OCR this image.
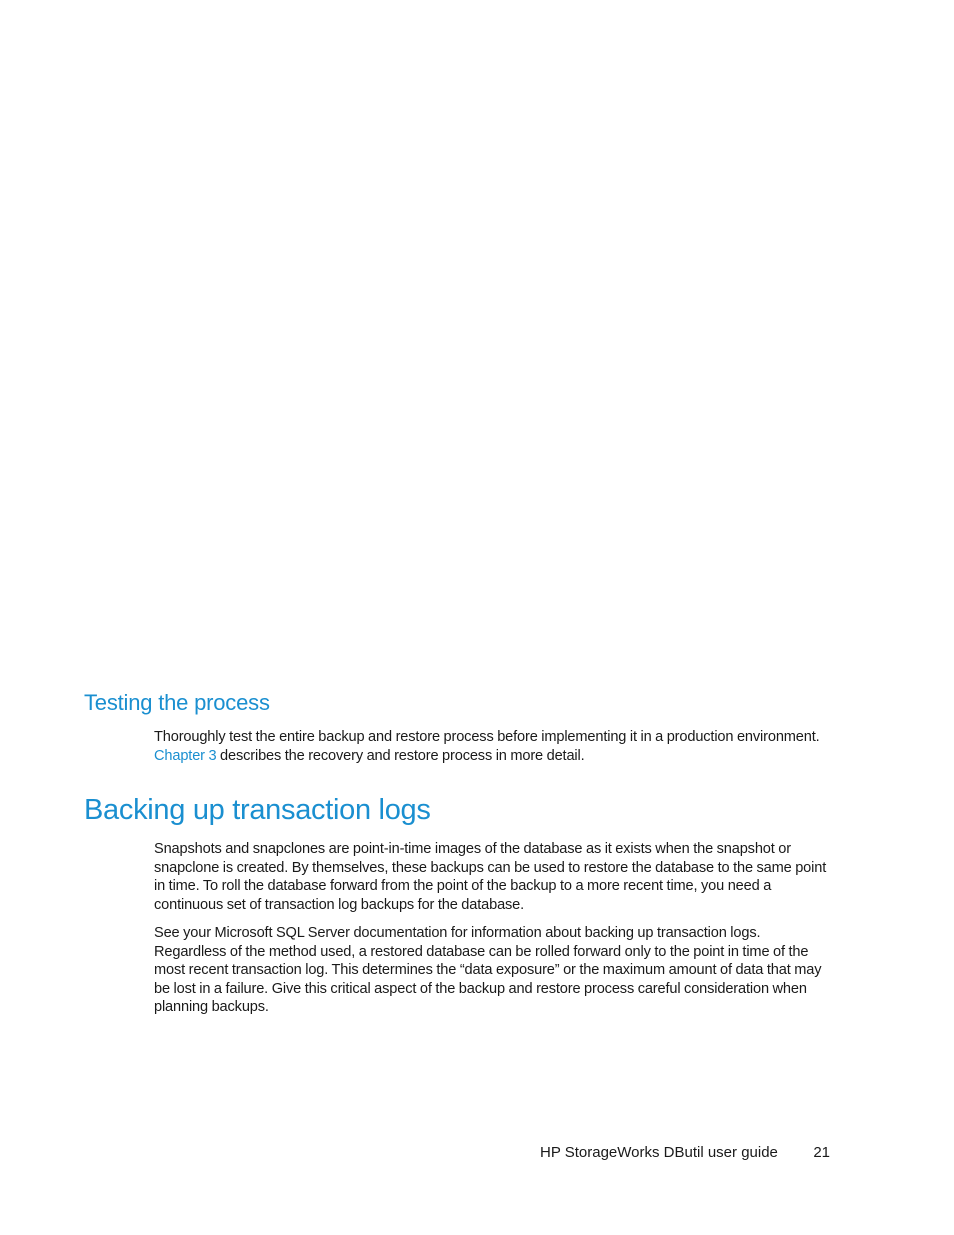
Testing the process

Thoroughly test the entire backup and restore process before implementing it in a production environment. Chapter 3 describes the recovery and restore process in more detail.

Backing up transaction logs

Snapshots and snapclones are point-in-time images of the database as it exists when the snapshot or snapclone is created. By themselves, these backups can be used to restore the database to the same point in time. To roll the database forward from the point of the backup to a more recent time, you need a continuous set of transaction log backups for the database.

See your Microsoft SQL Server documentation for information about backing up transaction logs. Regardless of the method used, a restored database can be rolled forward only to the point in time of the most recent transaction log. This determines the “data exposure” or the maximum amount of data that may be lost in a failure. Give this critical aspect of the backup and restore process careful consideration when planning backups.

HP StorageWorks DButil user guide 21
